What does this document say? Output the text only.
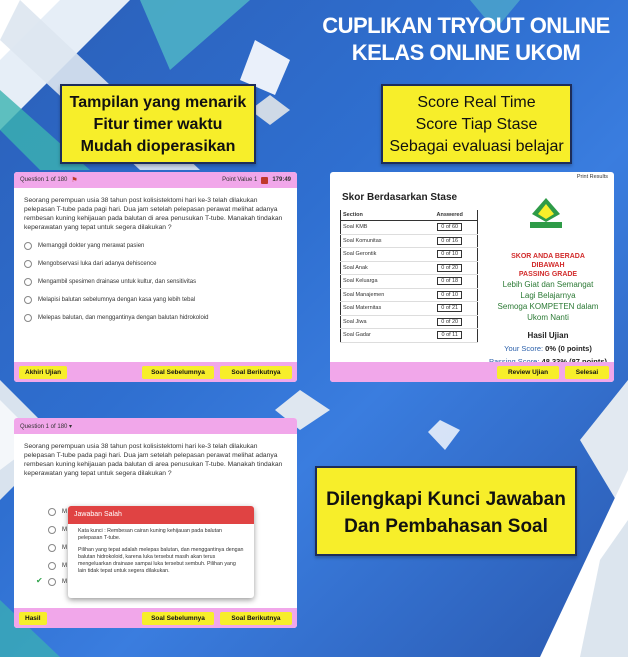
CUPLIKAN TRYOUT ONLINE
KELAS ONLINE UKOM
Tampilan yang menarik
Fitur timer waktu
Mudah dioperasikan
Score Real Time
Score Tiap Stase
Sebagai evaluasi belajar
Dilengkapi Kunci Jawaban
Dan Pembahasan Soal
Question 1 of 180 ⚑	Point Value 1	179:49
Seorang perempuan usia 38 tahun post kolisistektomi hari ke-3 telah dilakukan pelepasan T-tube pada pagi hari. Dua jam setelah pelepasan perawat melihat adanya rembesan kuning kehijauan pada balutan di area penusukan T-tube. Manakah tindakan keperawatan yang tepat untuk segera dilakukan ?
Memanggil dokter yang merawat pasien
Mengobservasi luka dari adanya dehiscence
Mengambil spesimen drainase untuk kultur, dan sensitivitas
Melapisi balutan sebelumnya dengan kasa yang lebih tebal
Melepas balutan, dan menggantinya dengan balutan hidrokoloid
Akhiri Ujian	Soal Sebelumnya	Soal Berikutnya
Print Results
Skor Berdasarkan Stase
Section	Answered
Soal KMB	0 of 60
Soal Komunitas	0 of 16
Soal Gerontik	0 of 10
Soal Anak	0 of 20
Soal Keluarga	0 of 18
Soal Manajemen	0 of 10
Soal Maternitas	0 of 21
Soal Jiwa	0 of 20
Soal Gadar	0 of 11
SKOR ANDA BERADA
DIBAWAH
PASSING GRADE
Lebih Giat dan Semangat
Lagi Belajarnya
Semoga KOMPETEN dalam
Ukom Nanti
Hasil Ujian
Your Score: 0% (0 points)
Review Ujian	Selesai
Question 1 of 180 ▾
Seorang perempuan usia 38 tahun post kolisistektomi hari ke-3 telah dilakukan pelepasan T-tube pada pagi hari. Dua jam setelah pelepasan perawat melihat adanya rembesan kuning kehijauan pada balutan di area penusukan T-tube. Manakah tindakan keperawatan yang tepat untuk segera dilakukan ?
M
M
M
M
M
✔
Jawaban Salah

Kata kunci : Rembesan cairan kuning kehijauan pada balutan pelepasan T-tube.

Pilihan yang tepat adalah melepas balutan, dan menggantinya dengan balutan hidrokoloid, karena luka tersebut masih akan terus mengeluarkan drainase sampai luka tersebut sembuh. Pilihan yang lain tidak tepat untuk segera dilakukan.

Hasil	Soal Sebelumnya	Soal Berikutnya
